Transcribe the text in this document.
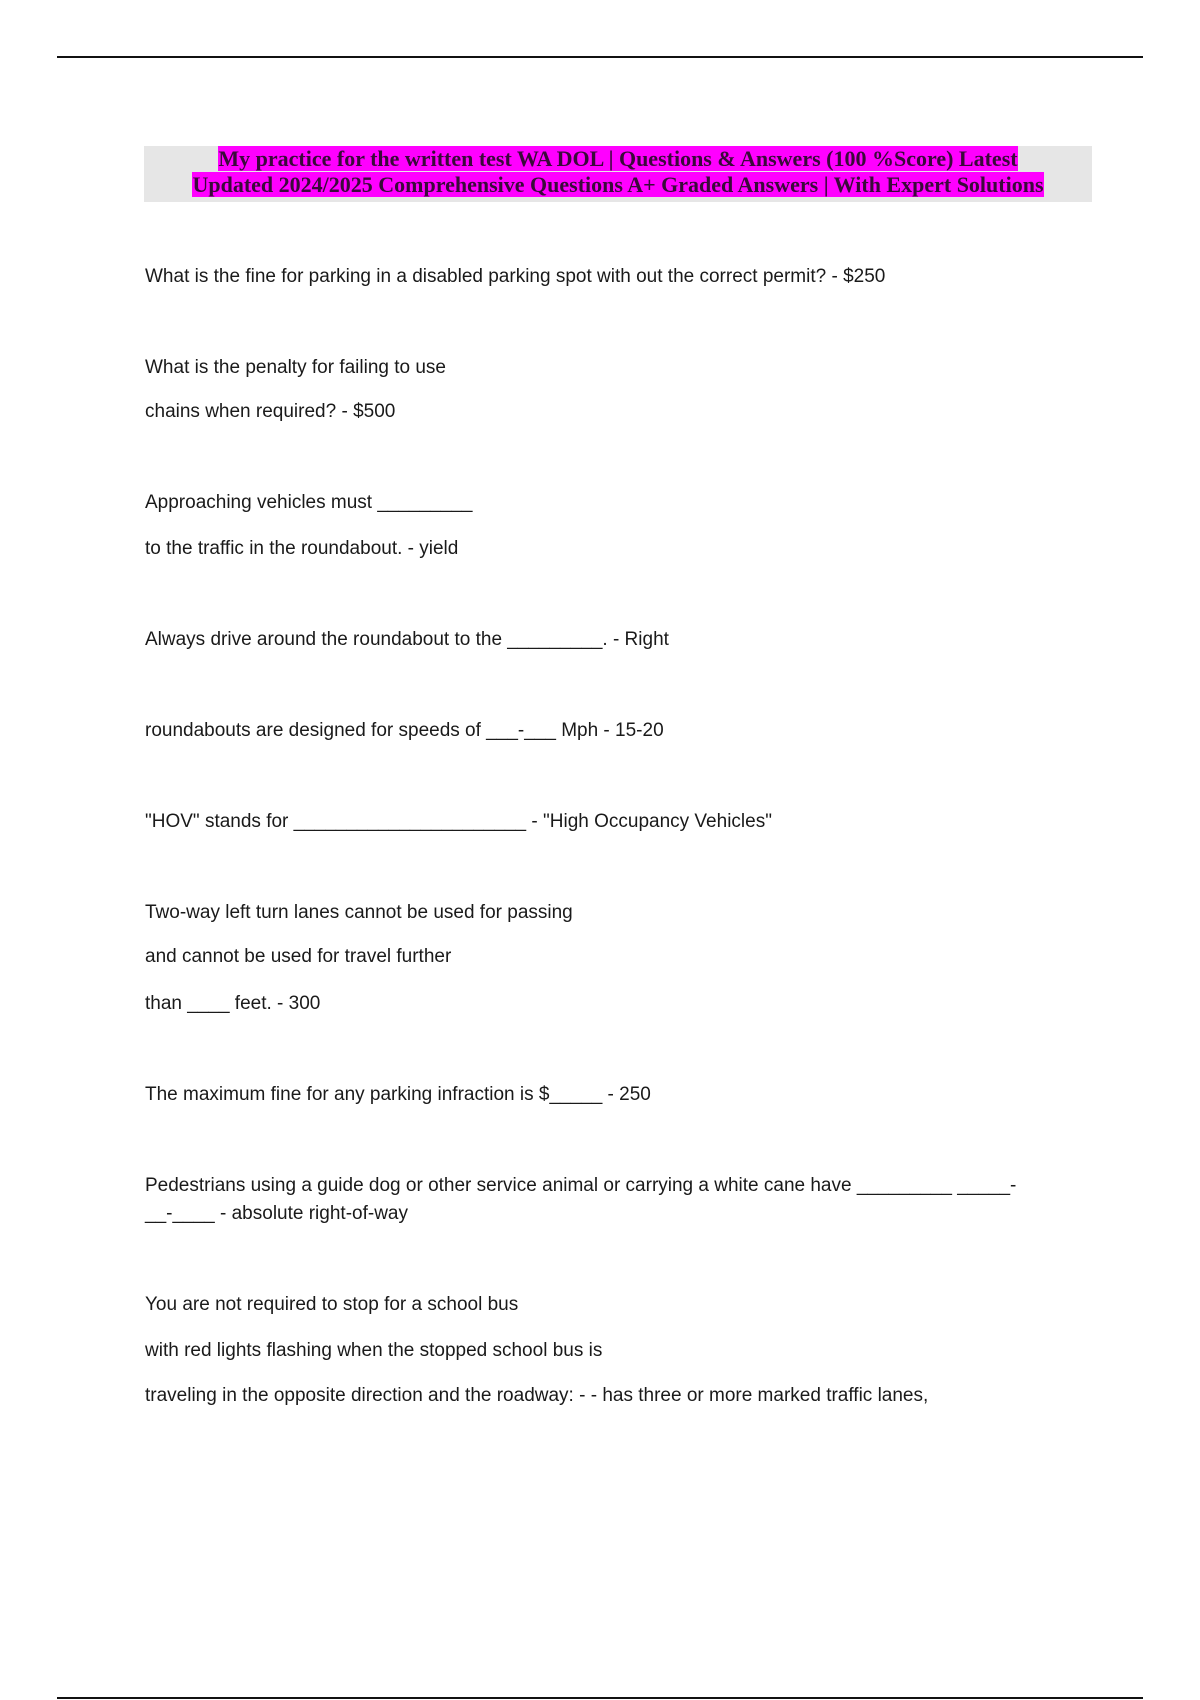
My practice for the written test WA DOL | Questions & Answers (100 %Score) Latest
Updated 2024/2025 Comprehensive Questions A+ Graded Answers | With Expert Solutions
What is the fine for parking in a disabled parking spot with out the correct permit? - $250
What is the penalty for failing to use
chains when required? - $500
Approaching vehicles must _________
to the traffic in the roundabout. - yield
Always drive around the roundabout to the _________. - Right
roundabouts are designed for speeds of ___-___ Mph - 15-20
"HOV" stands for ______________________ - "High Occupancy Vehicles"
Two-way left turn lanes cannot be used for passing
and cannot be used for travel further
than ____ feet. - 300
The maximum fine for any parking infraction is $_____ - 250
Pedestrians using a guide dog or other service animal or carrying a white cane have _________ _____-
__-____ - absolute right-of-way
You are not required to stop for a school bus
with red lights flashing when the stopped school bus is
traveling in the opposite direction and the roadway: - - has three or more marked traffic lanes,
